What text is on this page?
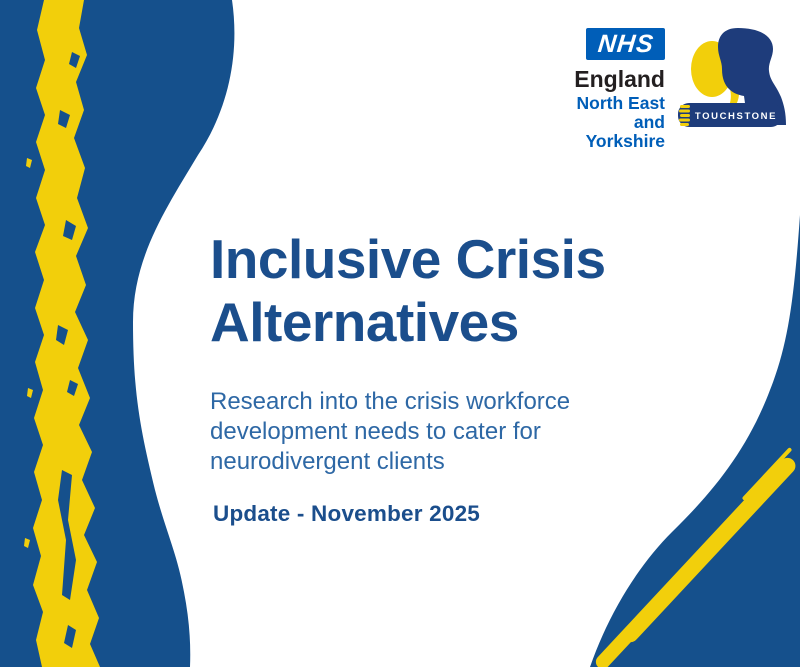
NHS
England
North East
and Yorkshire
TOUCHSTONE
Inclusive Crisis
Alternatives

Research into the crisis workforce
development needs to cater for
neurodivergent clients

Update - November 2025
